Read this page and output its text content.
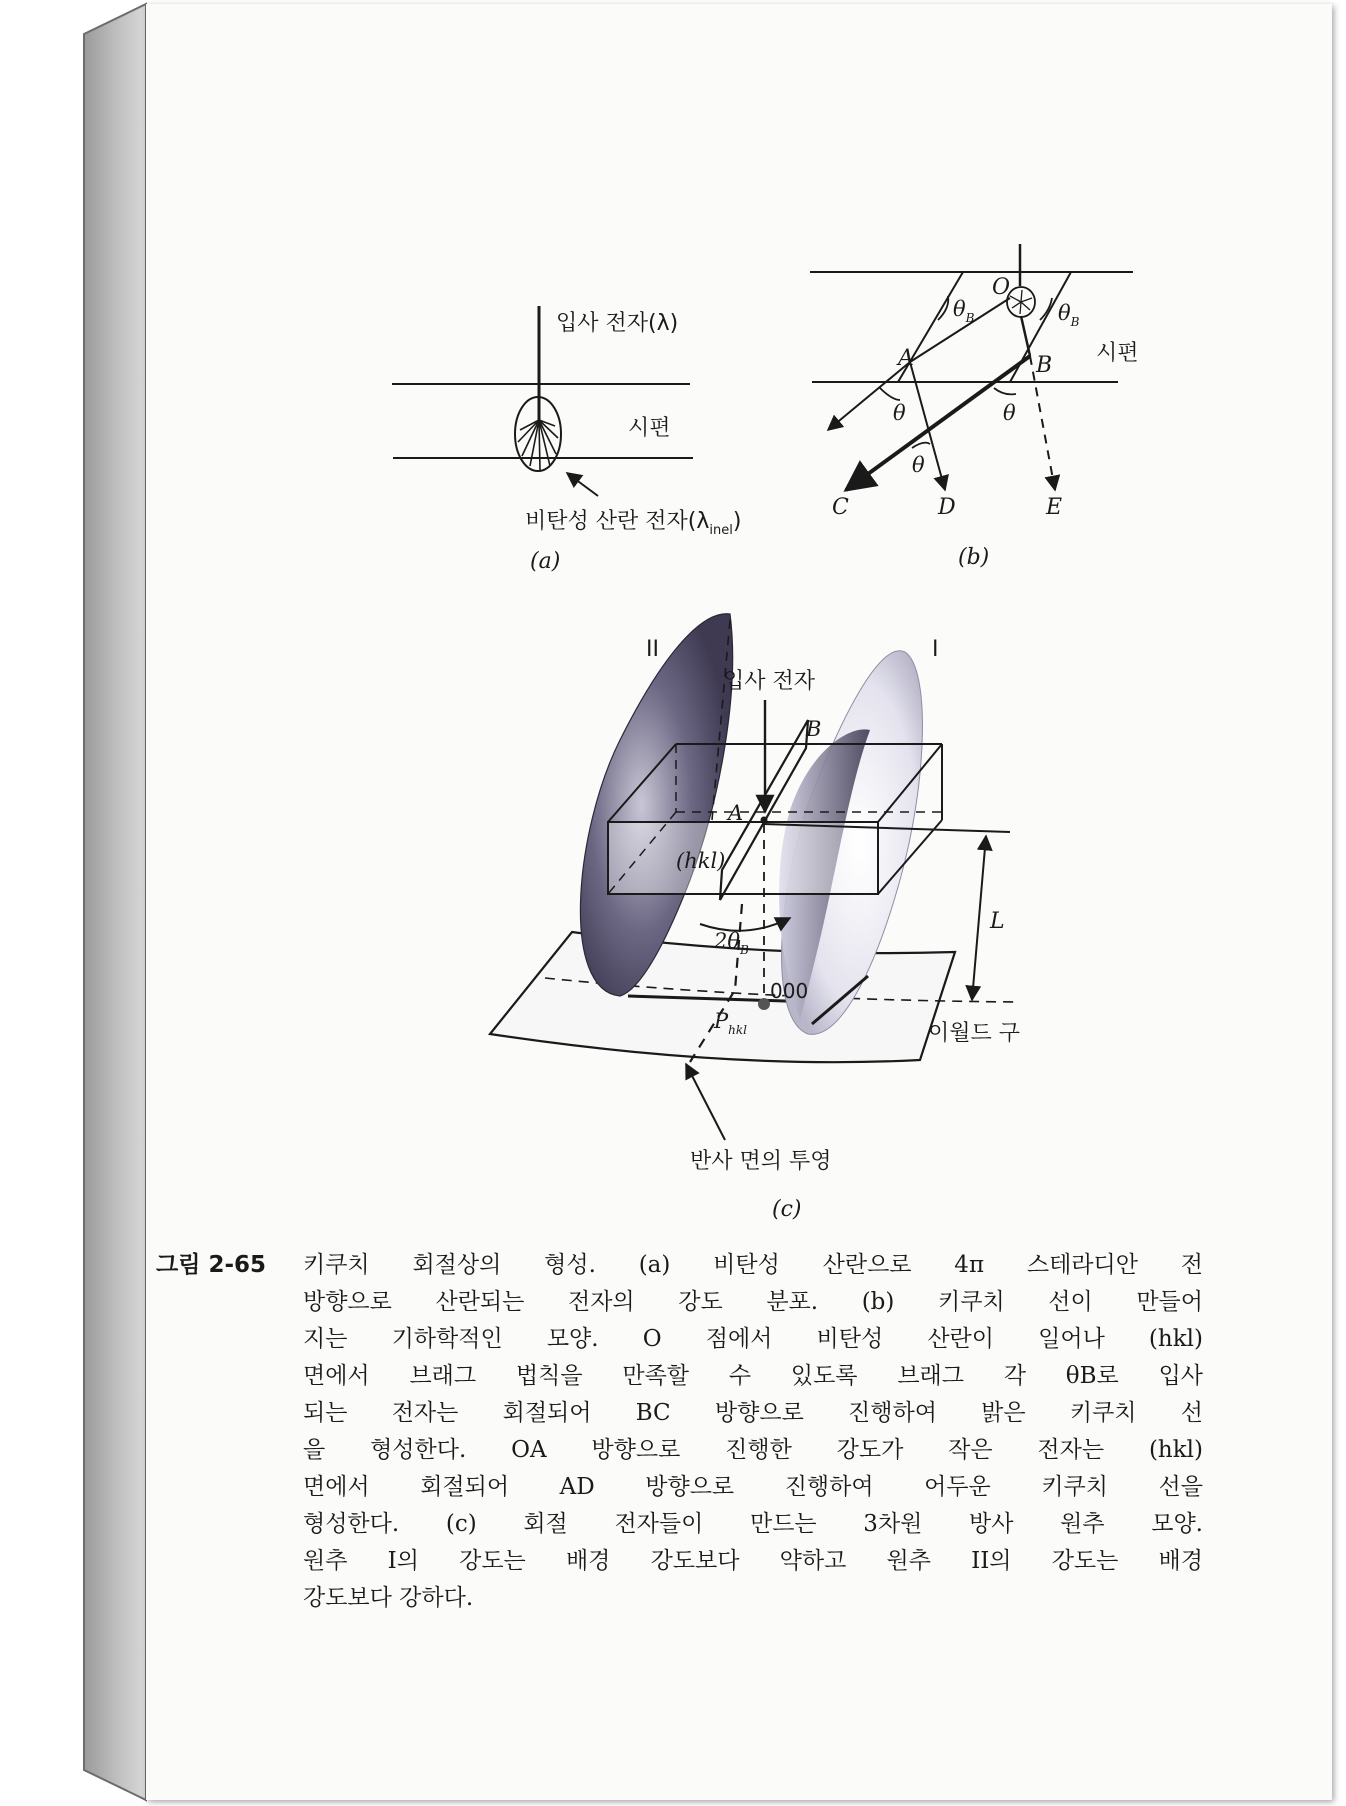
입사 전자(λ)
시편
비탄성 산란 전자$(\lambda_{inel})$
(a)
O
$\theta_B$	$\theta_B$
A	B 시편
θ	θ
θ
C	D	E
(b)
II	I
입사 전자
B
A
(hkl)
$2\theta_B$
000
$P_{hkl}$
L
이월드 구
반사 면의 투영
(c)
그림 2-65 키쿠치 회절상의 형성. (a) 비탄성 산란으로 4π 스테라디안 전
방향으로 산란되는 전자의 강도 분포. (b) 키쿠치 선이 만들어
지는 기하학적인 모양. O 점에서 비탄성 산란이 일어나 (hkl)
면에서 브래그 법칙을 만족할 수 있도록 브래그 각 θB로 입사
되는 전자는 회절되어 BC 방향으로 진행하여 밝은 키쿠치 선
을 형성한다. OA 방향으로 진행한 강도가 작은 전자는 (hkl)
면에서 회절되어 AD 방향으로 진행하여 어두운 키쿠치 선을
형성한다. (c) 회절 전자들이 만드는 3차원 방사 원추 모양.
원추 I의 강도는 배경 강도보다 약하고 원추 II의 강도는 배경
강도보다 강하다.
